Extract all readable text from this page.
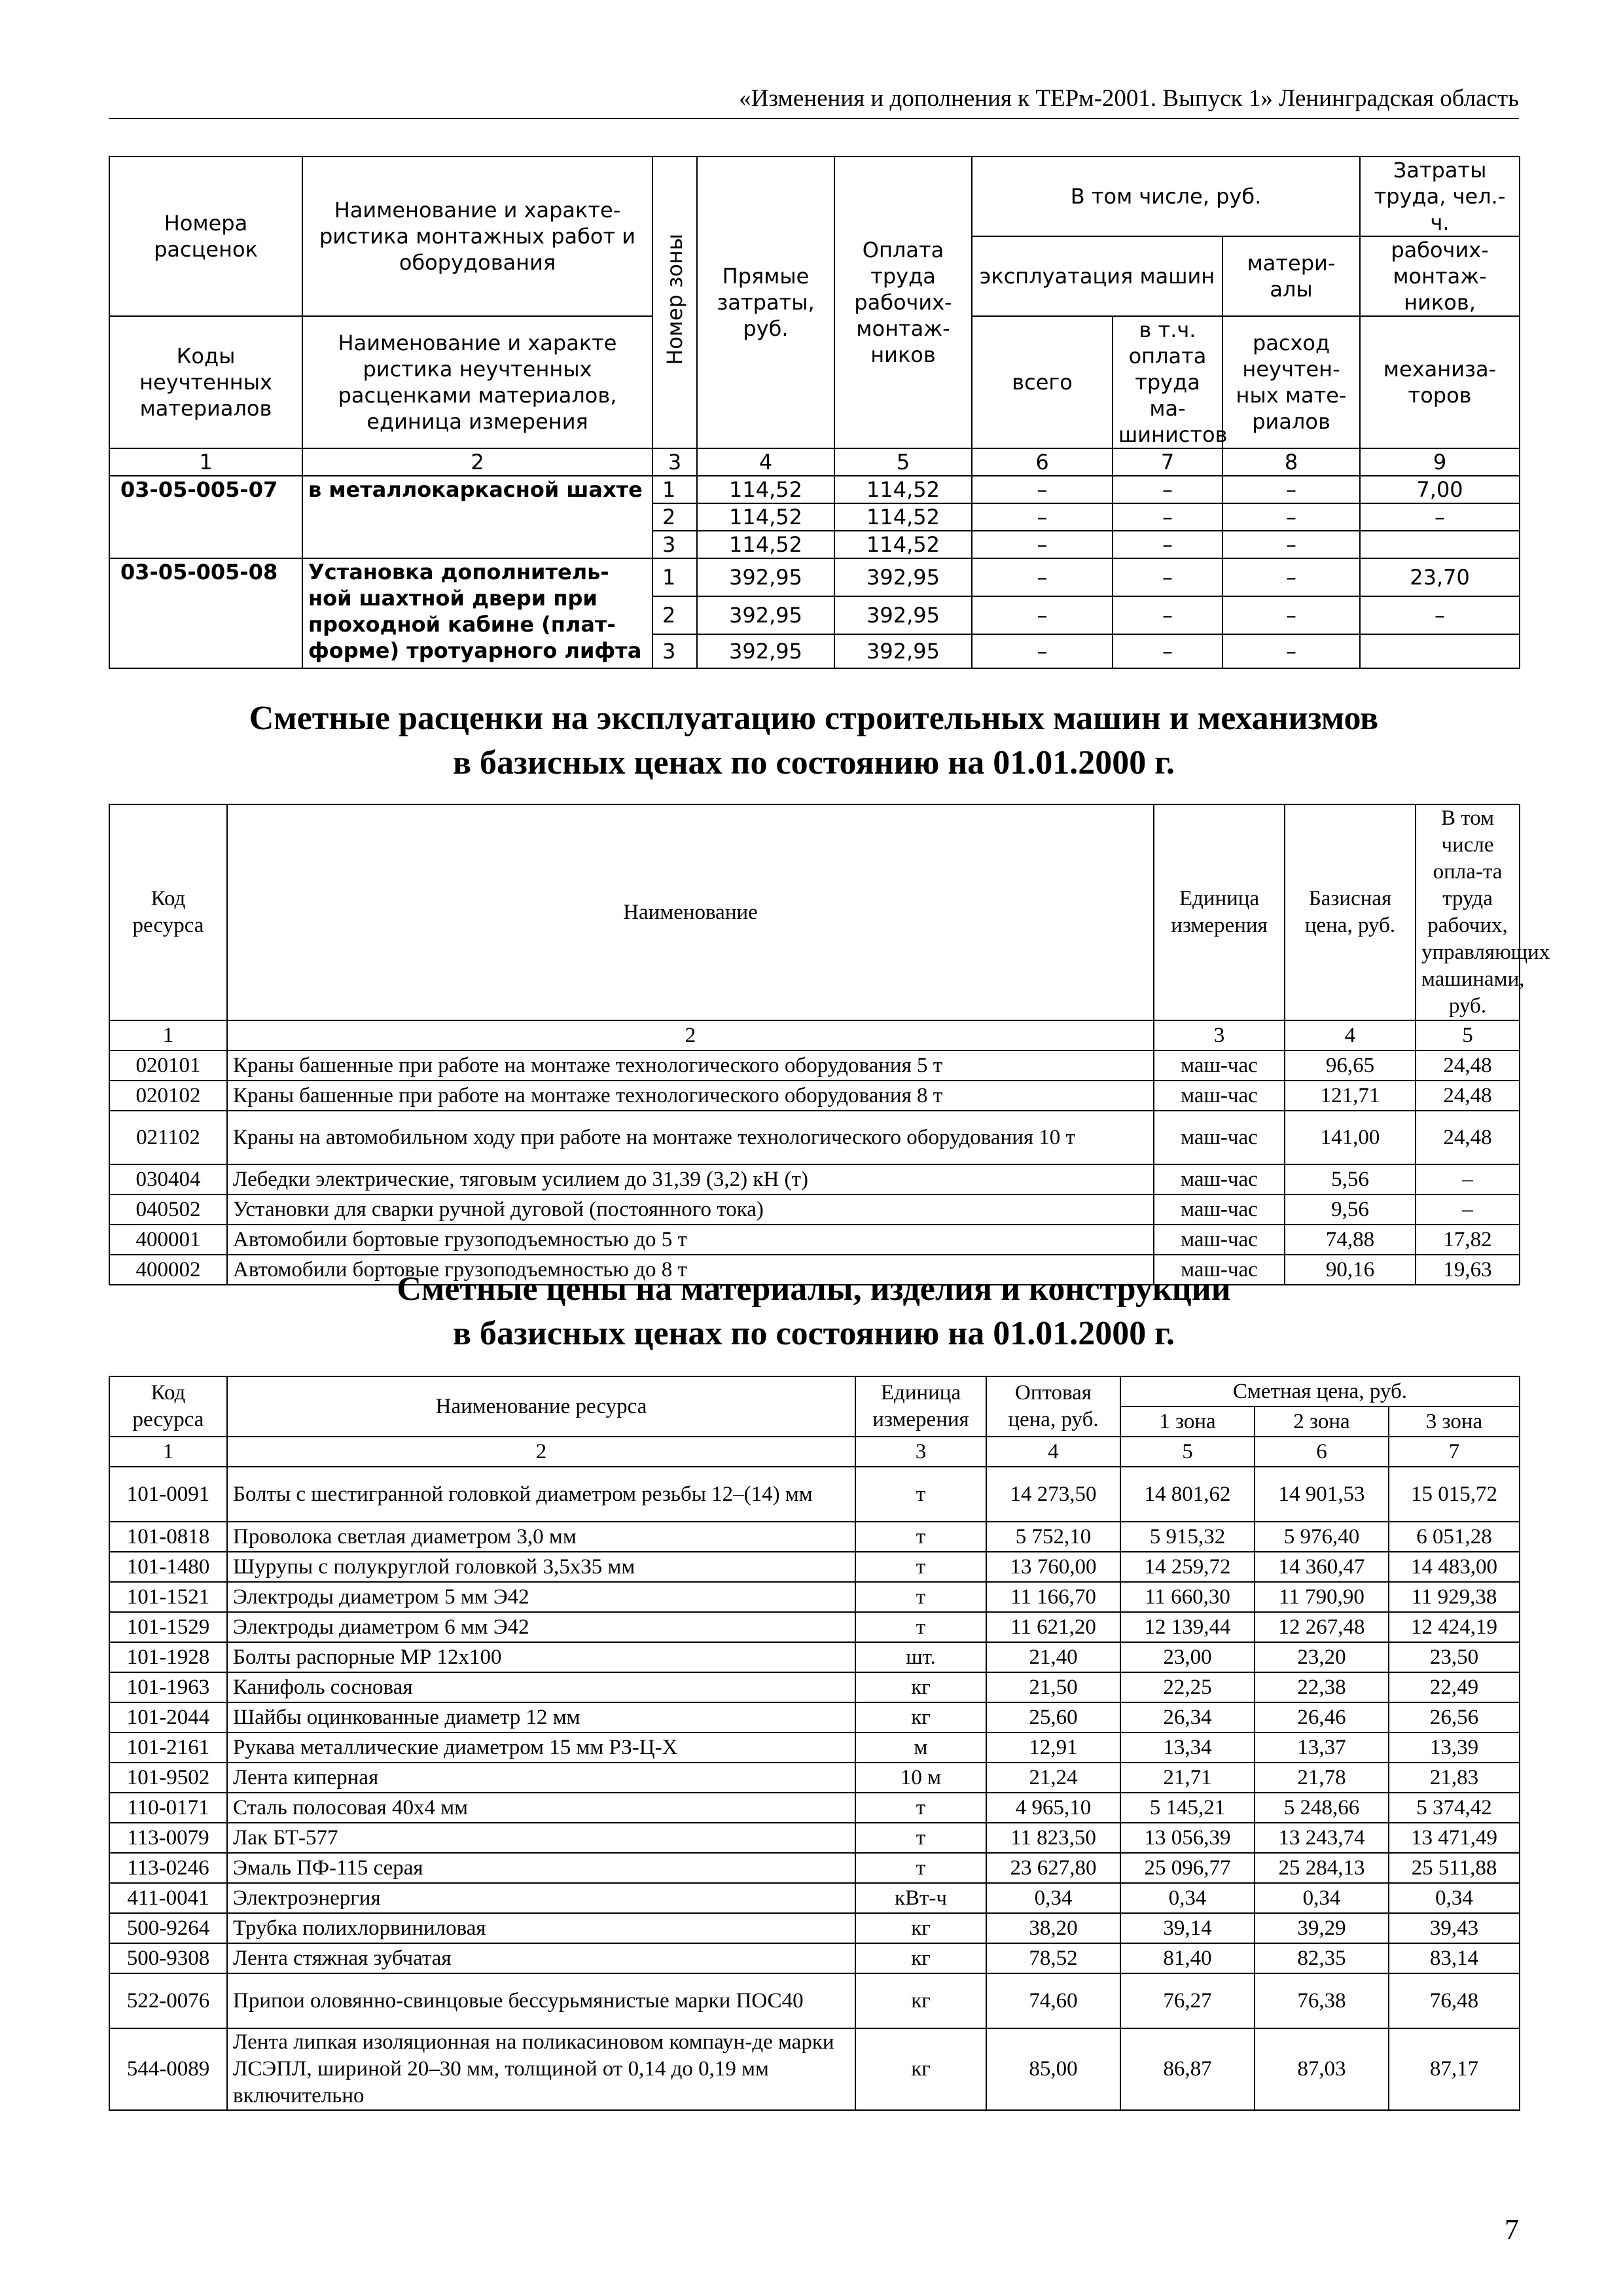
«Изменения и дополнения к ТЕРм-2001. Выпуск 1» Ленинградская область
Номера расценок	Наименование и характе-ристика монтажных работ и оборудования	Номер зоны	Прямые затраты, руб.	Оплата труда рабочих-монтаж-ников	В том числе, руб.			Затраты труда, чел.-ч.
					эксплуатация машин		матери-алы	рабочих-монтаж-ников,
Коды неучтенных материалов	Наименование и характе ристика неучтенных расценками материалов, единица измерения				всего	в т.ч. оплата труда ма-шинистов	расход неучтен-ных мате-риалов	механиза-торов
1	2	3	4	5	6	7	8	9
03-05-005-07	в металлокаркасной шахте	1	114,52	114,52	–	–	–	7,00
		2	114,52	114,52	–	–	–	–
		3	114,52	114,52	–	–	–	
03-05-005-08	Установка дополнитель-ной шахтной двери при проходной кабине (плат-форме) тротуарного лифта	1	392,95	392,95	–	–	–	23,70
		2	392,95	392,95	–	–	–	–
		3	392,95	392,95	–	–	–	
Сметные расценки на эксплуатацию строительных машин и механизмов
в базисных ценах по состоянию на 01.01.2000 г.
Код ресурса	Наименование	Единица измерения	Базисная цена, руб.	В том числе опла-та труда рабочих, управляющих машинами, руб.
1	2	3	4	5
020101	Краны башенные при работе на монтаже технологического оборудования 5 т	маш-час	96,65	24,48
020102	Краны башенные при работе на монтаже технологического оборудования 8 т	маш-час	121,71	24,48
021102	Краны на автомобильном ходу при работе на монтаже технологического оборудования 10 т	маш-час	141,00	24,48
030404	Лебедки электрические, тяговым усилием до 31,39 (3,2) кН (т)	маш-час	5,56	–
040502	Установки для сварки ручной дуговой (постоянного тока)	маш-час	9,56	–
400001	Автомобили бортовые грузоподъемностью до 5 т	маш-час	74,88	17,82
400002	Автомобили бортовые грузоподъемностью до 8 т	маш-час	90,16	19,63
Сметные цены на материалы, изделия и конструкции
в базисных ценах по состоянию на 01.01.2000 г.
Код ресурса	Наименование ресурса	Единица измерения	Оптовая цена, руб.	Сметная цена, руб.		
				1 зона	2 зона	3 зона
1	2	3	4	5	6	7
101-0091	Болты с шестигранной головкой диаметром резьбы 12–(14) мм	т	14 273,50	14 801,62	14 901,53	15 015,72
101-0818	Проволока светлая диаметром 3,0 мм	т	5 752,10	5 915,32	5 976,40	6 051,28
101-1480	Шурупы с полукруглой головкой 3,5x35 мм	т	13 760,00	14 259,72	14 360,47	14 483,00
101-1521	Электроды диаметром 5 мм Э42	т	11 166,70	11 660,30	11 790,90	11 929,38
101-1529	Электроды диаметром 6 мм Э42	т	11 621,20	12 139,44	12 267,48	12 424,19
101-1928	Болты распорные МР 12x100	шт.	21,40	23,00	23,20	23,50
101-1963	Канифоль сосновая	кг	21,50	22,25	22,38	22,49
101-2044	Шайбы оцинкованные диаметр 12 мм	кг	25,60	26,34	26,46	26,56
101-2161	Рукава металлические диаметром 15 мм РЗ-Ц-Х	м	12,91	13,34	13,37	13,39
101-9502	Лента киперная	10 м	21,24	21,71	21,78	21,83
110-0171	Сталь полосовая 40x4 мм	т	4 965,10	5 145,21	5 248,66	5 374,42
113-0079	Лак БТ-577	т	11 823,50	13 056,39	13 243,74	13 471,49
113-0246	Эмаль ПФ-115 серая	т	23 627,80	25 096,77	25 284,13	25 511,88
411-0041	Электроэнергия	кВт-ч	0,34	0,34	0,34	0,34
500-9264	Трубка полихлорвиниловая	кг	38,20	39,14	39,29	39,43
500-9308	Лента стяжная зубчатая	кг	78,52	81,40	82,35	83,14
522-0076	Припои оловянно-свинцовые бессурьмянистые марки ПОС40	кг	74,60	76,27	76,38	76,48
544-0089	Лента липкая изоляционная на поликасиновом компаун-де марки ЛСЭПЛ, шириной 20–30 мм, толщиной от 0,14 до 0,19 мм включительно	кг	85,00	86,87	87,03	87,17
7
